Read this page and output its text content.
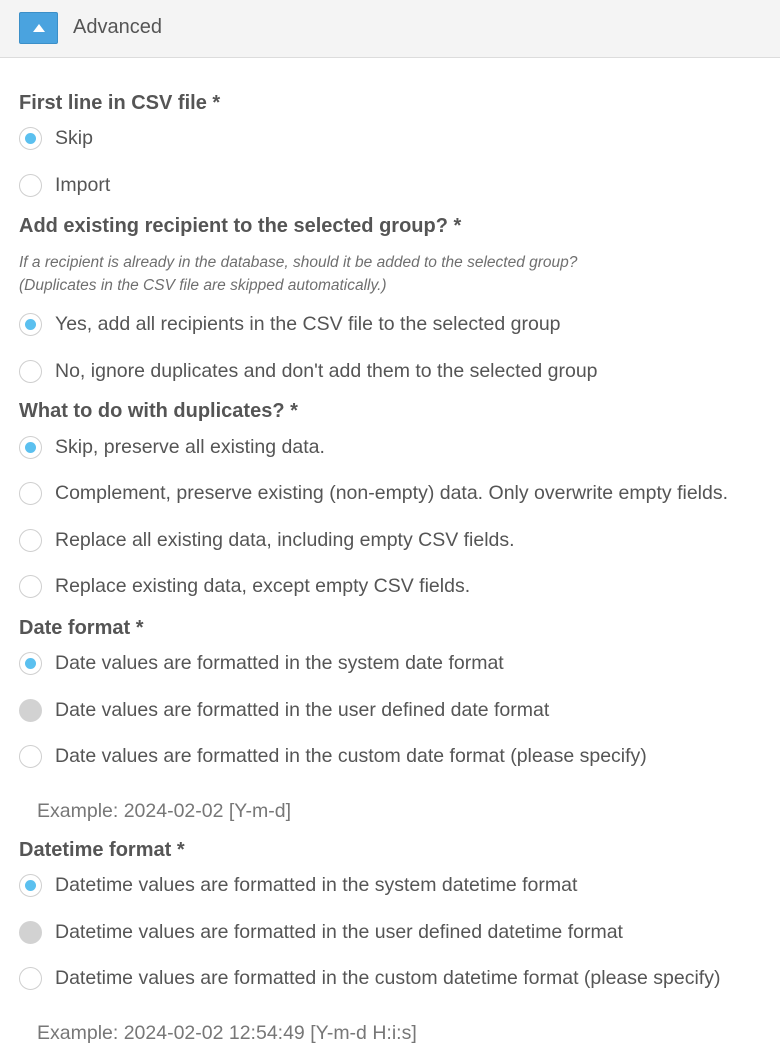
Advanced
First line in CSV file *
Skip
Import
Add existing recipient to the selected group? *
If a recipient is already in the database, should it be added to the selected group?
(Duplicates in the CSV file are skipped automatically.)
Yes, add all recipients in the CSV file to the selected group
No, ignore duplicates and don't add them to the selected group
What to do with duplicates? *
Skip, preserve all existing data.
Complement, preserve existing (non-empty) data. Only overwrite empty fields.
Replace all existing data, including empty CSV fields.
Replace existing data, except empty CSV fields.
Date format *
Date values are formatted in the system date format
Date values are formatted in the user defined date format
Date values are formatted in the custom date format (please specify)
Example: 2024-02-02 [Y-m-d]
Datetime format *
Datetime values are formatted in the system datetime format
Datetime values are formatted in the user defined datetime format
Datetime values are formatted in the custom datetime format (please specify)
Example: 2024-02-02 12:54:49 [Y-m-d H:i:s]
